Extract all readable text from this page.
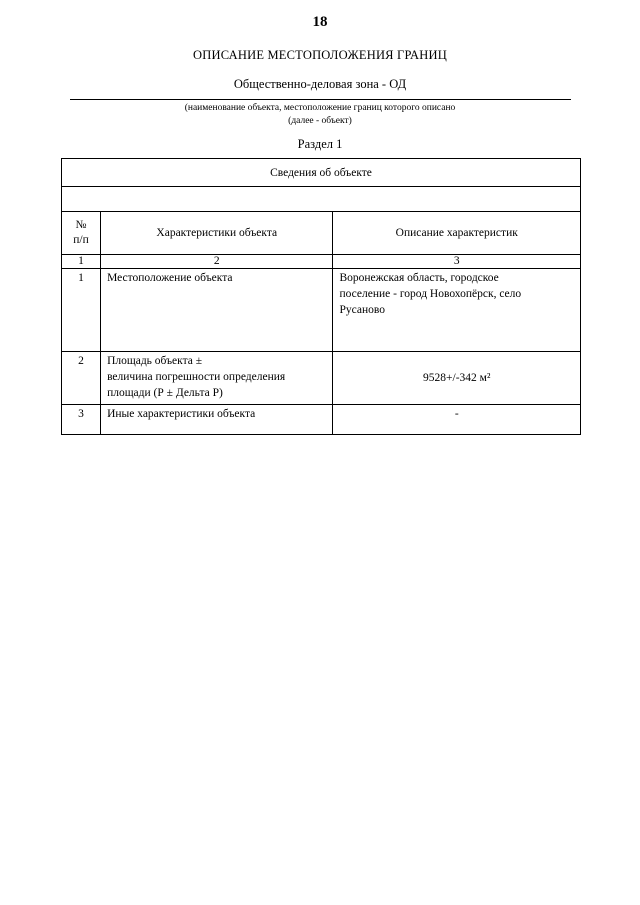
18
ОПИСАНИЕ МЕСТОПОЛОЖЕНИЯ ГРАНИЦ
Общественно-деловая зона - ОД
(наименование объекта, местоположение границ которого описано
(далее - объект)
Раздел 1
Сведения об объекте		

№
п/п	Характеристики объекта	Описание характеристик
1	2	3
1	Местоположение объекта	Воронежская область, городское
поселение - город Новохопёрск, село
Русаново

2	Площадь объекта ±
величина погрешности определения
площади (Р ± Дельта Р)	9528+/-342 м²

3	Иные характеристики объекта	-
